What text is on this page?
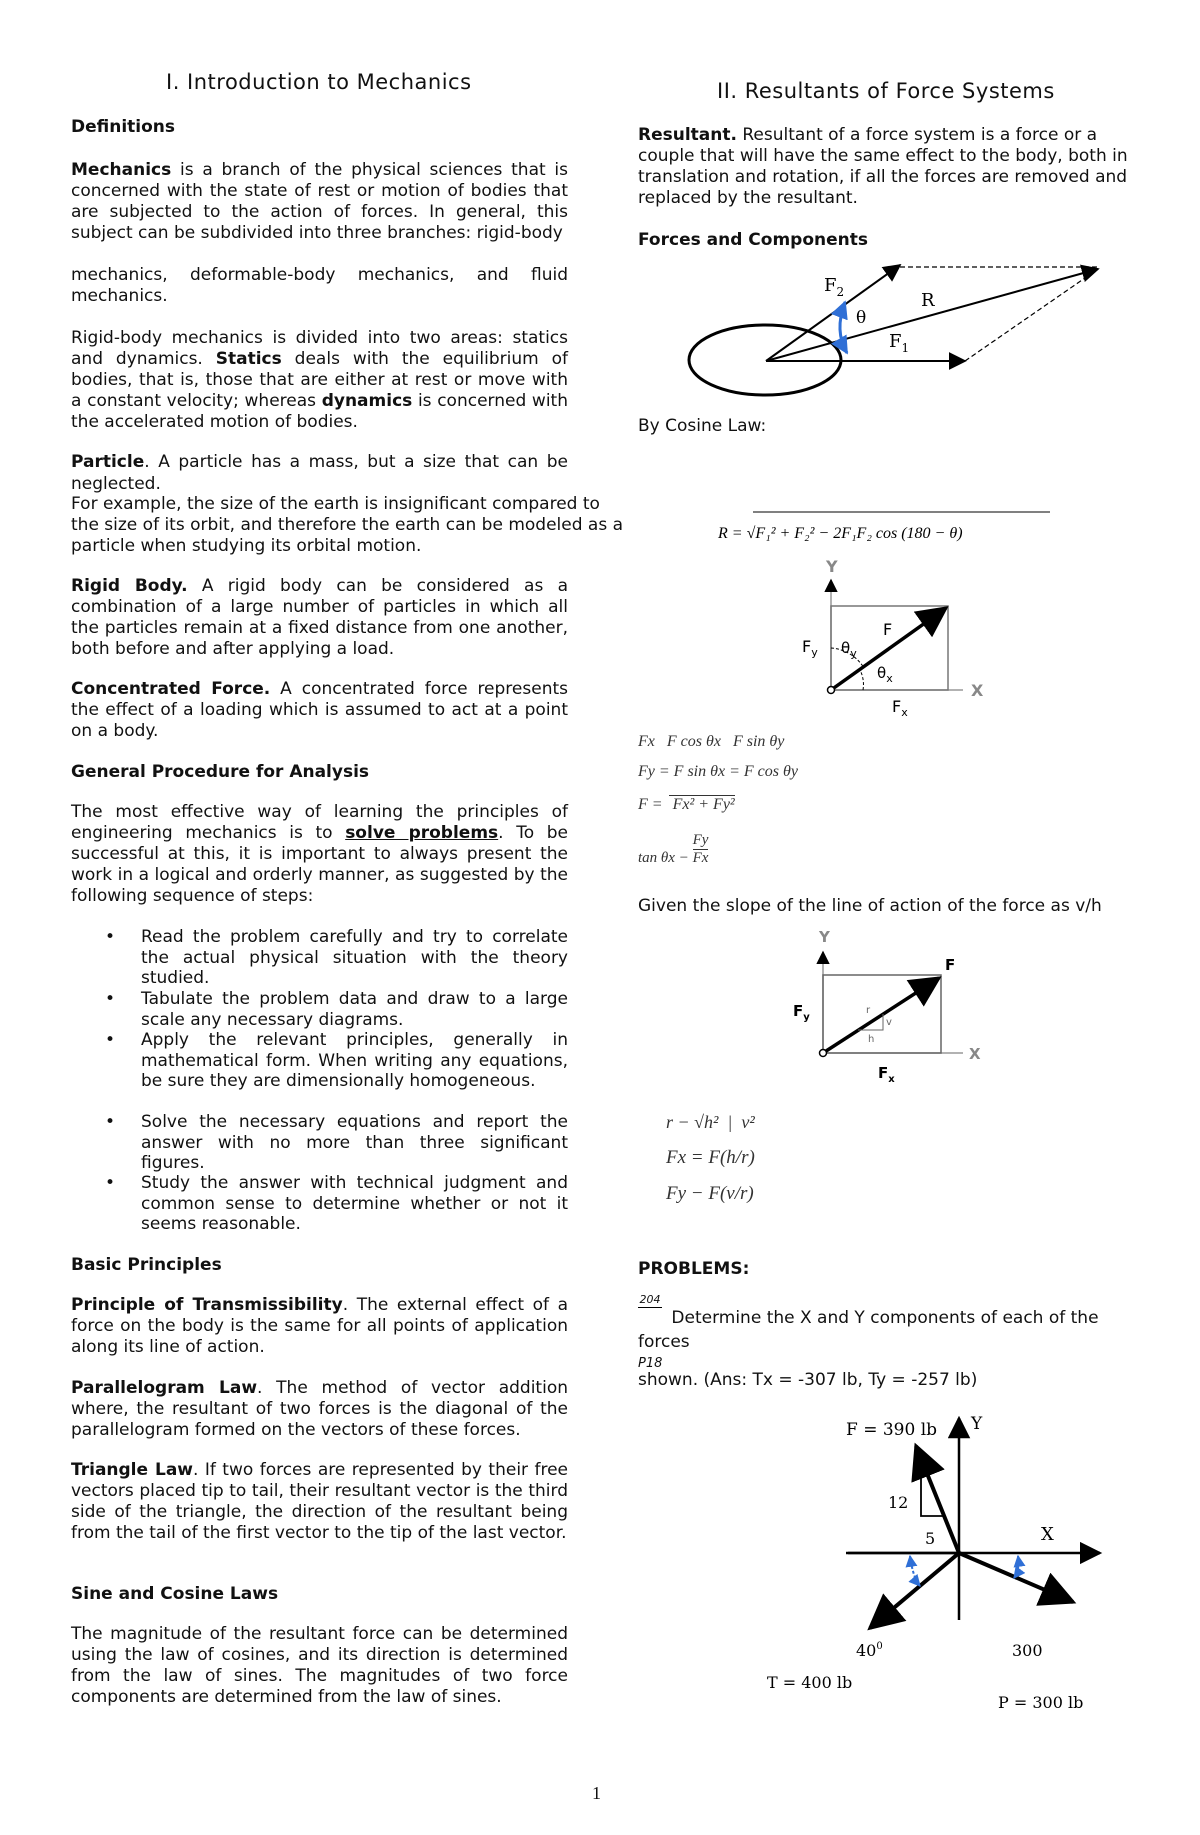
I. Introduction to Mechanics
Definitions

Mechanics is a branch of the physical sciences that is concerned with the state of rest or motion of bodies that are subjected to the action of forces. In general, this subject can be subdivided into three branches: rigid-body

mechanics, deformable-body mechanics, and fluid mechanics.

Rigid-body mechanics is divided into two areas: statics and dynamics. Statics deals with the equilibrium of bodies, that is, those that are either at rest or move with a constant velocity; whereas dynamics is concerned with the accelerated motion of bodies.

Particle. A particle has a mass, but a size that can be neglected.

For example, the size of the earth is insignificant compared to the size of its orbit, and therefore the earth can be modeled as a particle when studying its orbital motion.

Rigid Body. A rigid body can be considered as a combination of a large number of particles in which all the particles remain at a fixed distance from one another, both before and after applying a load.

Concentrated Force. A concentrated force represents the effect of a loading which is assumed to act at a point on a body.

General Procedure for Analysis

The most effective way of learning the principles of engineering mechanics is to solve problems. To be successful at this, it is important to always present the work in a logical and orderly manner, as suggested by the following sequence of steps:

• Read the problem carefully and try to correlate the actual physical situation with the theory studied.
• Tabulate the problem data and draw to a large scale any necessary diagrams.
• Apply the relevant principles, generally in mathematical form. When writing any equations, be sure they are dimensionally homogeneous.
• Solve the necessary equations and report the answer with no more than three significant figures.
• Study the answer with technical judgment and common sense to determine whether or not it seems reasonable.
Basic Principles

Principle of Transmissibility. The external effect of a force on the body is the same for all points of application along its line of action.

Parallelogram Law. The method of vector addition where, the resultant of two forces is the diagonal of the parallelogram formed on the vectors of these forces.

Triangle Law. If two forces are represented by their free vectors placed tip to tail, their resultant vector is the third side of the triangle, the direction of the resultant being from the tail of the first vector to the tip of the last vector.

Sine and Cosine Laws

The magnitude of the resultant force can be determined using the law of cosines, and its direction is determined from the law of sines. The magnitudes of two force components are determined from the law of sines.

II. Resultants of Force Systems

Resultant. Resultant of a force system is a force or a couple that will have the same effect to the body, both in translation and rotation, if all the forces are removed and replaced by the resultant.

Forces and Components
$F_2$
θ
R
$F_1$
By Cosine Law:
R = √F₁² + F₂² − 2F₁F₂ cos (180 − θ)
Y
X
F
$F_y$ $\theta_y$
$\theta_x$
$F_x$
Fx   F cos θx   F sin θy
Fy = F sin θx = F cos θy
F = Fx² + Fy²
$\tan \theta x - \frac{Fy}{Fx}$
Given the slope of the line of action of the force as v/h
Y
X
F
$F_y$
$F_x$
r
v
h
r − √h²  |  v²
Fx = F(h/r)
Fy − F(v/r)
PROBLEMS:
204
Determine the X and Y components of each of the forces
P18
shown. (Ans: Tx = -307 lb, Ty = -257 lb)
F = 390 lb Y
X
12
5
$40^0$	300
T = 400 lb
P = 300 lb
1
